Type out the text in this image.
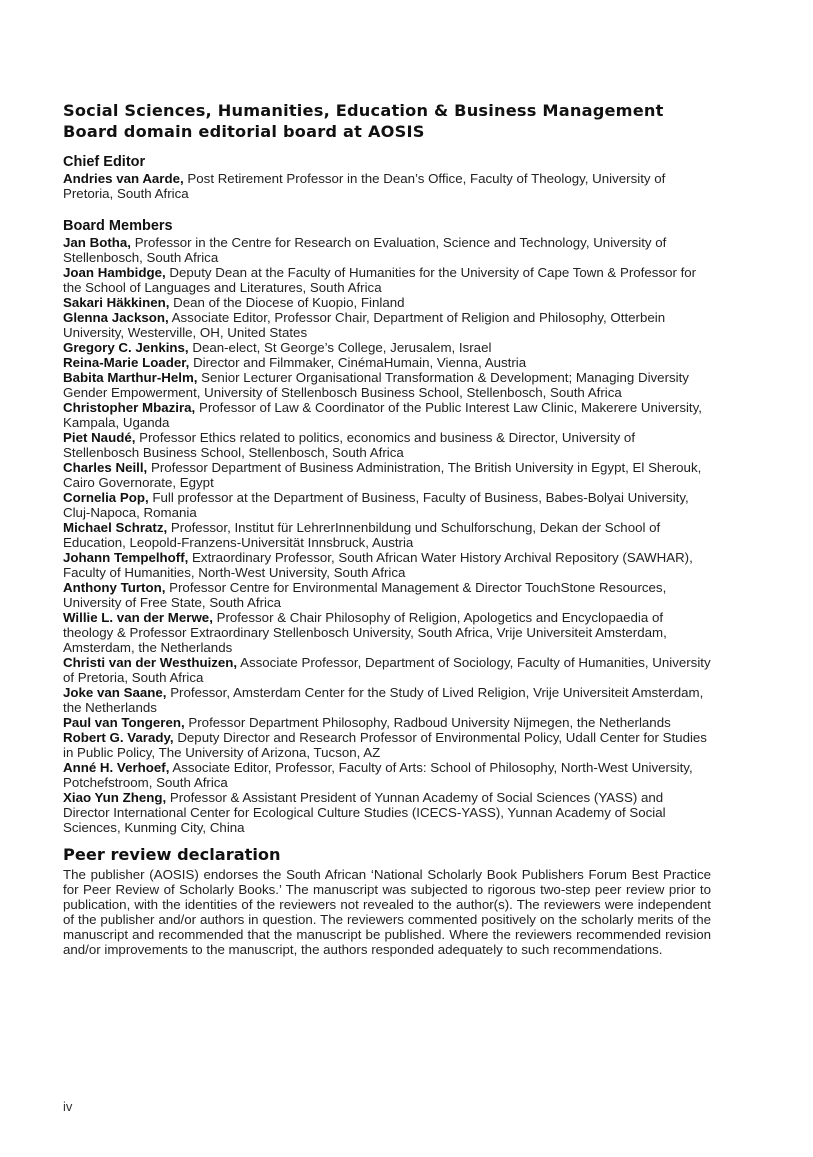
Social Sciences, Humanities, Education & Business Management
Board domain editorial board at AOSIS
Chief Editor

Andries van Aarde, Post Retirement Professor in the Dean’s Office, Faculty of Theology, University of Pretoria, South Africa

Board Members

Jan Botha, Professor in the Centre for Research on Evaluation, Science and Technology, University of Stellenbosch, South Africa

Joan Hambidge, Deputy Dean at the Faculty of Humanities for the University of Cape Town & Professor for the School of Languages and Literatures, South Africa

Sakari Häkkinen, Dean of the Diocese of Kuopio, Finland

Glenna Jackson, Associate Editor, Professor Chair, Department of Religion and Philosophy, Otterbein University, Westerville, OH, United States

Gregory C. Jenkins, Dean-elect, St George’s College, Jerusalem, Israel

Reina-Marie Loader, Director and Filmmaker, CinémaHumain, Vienna, Austria

Babita Marthur-Helm, Senior Lecturer Organisational Transformation & Development; Managing Diversity Gender Empowerment, University of Stellenbosch Business School, Stellenbosch, South Africa

Christopher Mbazira, Professor of Law & Coordinator of the Public Interest Law Clinic, Makerere University, Kampala, Uganda

Piet Naudé, Professor Ethics related to politics, economics and business & Director, University of Stellenbosch Business School, Stellenbosch, South Africa

Charles Neill, Professor Department of Business Administration, The British University in Egypt, El Sherouk, Cairo Governorate, Egypt

Cornelia Pop, Full professor at the Department of Business, Faculty of Business, Babes-Bolyai University, Cluj-Napoca, Romania

Michael Schratz, Professor, Institut für LehrerInnenbildung und Schulforschung, Dekan der School of Education, Leopold-Franzens-Universität Innsbruck, Austria

Johann Tempelhoff, Extraordinary Professor, South African Water History Archival Repository (SAWHAR), Faculty of Humanities, North-West University, South Africa

Anthony Turton, Professor Centre for Environmental Management & Director TouchStone Resources, University of Free State, South Africa

Willie L. van der Merwe, Professor & Chair Philosophy of Religion, Apologetics and Encyclopaedia of theology & Professor Extraordinary Stellenbosch University, South Africa, Vrije Universiteit Amsterdam, Amsterdam, the Netherlands

Christi van der Westhuizen, Associate Professor, Department of Sociology, Faculty of Humanities, University of Pretoria, South Africa

Joke van Saane, Professor, Amsterdam Center for the Study of Lived Religion, Vrije Universiteit Amsterdam, the Netherlands

Paul van Tongeren, Professor Department Philosophy, Radboud University Nijmegen, the Netherlands

Robert G. Varady, Deputy Director and Research Professor of Environmental Policy, Udall Center for Studies in Public Policy, The University of Arizona, Tucson, AZ

Anné H. Verhoef, Associate Editor, Professor, Faculty of Arts: School of Philosophy, North-West University, Potchefstroom, South Africa

Xiao Yun Zheng, Professor & Assistant President of Yunnan Academy of Social Sciences (YASS) and Director International Center for Ecological Culture Studies (ICECS-YASS), Yunnan Academy of Social Sciences, Kunming City, China

Peer review declaration

The publisher (AOSIS) endorses the South African ‘National Scholarly Book Publishers Forum Best Practice for Peer Review of Scholarly Books.’ The manuscript was subjected to rigorous two-step peer review prior to publication, with the identities of the reviewers not revealed to the author(s). The reviewers were independent of the publisher and/or authors in question. The reviewers commented positively on the scholarly merits of the manuscript and recommended that the manuscript be published. Where the reviewers recommended revision and/or improvements to the manuscript, the authors responded adequately to such recommendations.

iv
